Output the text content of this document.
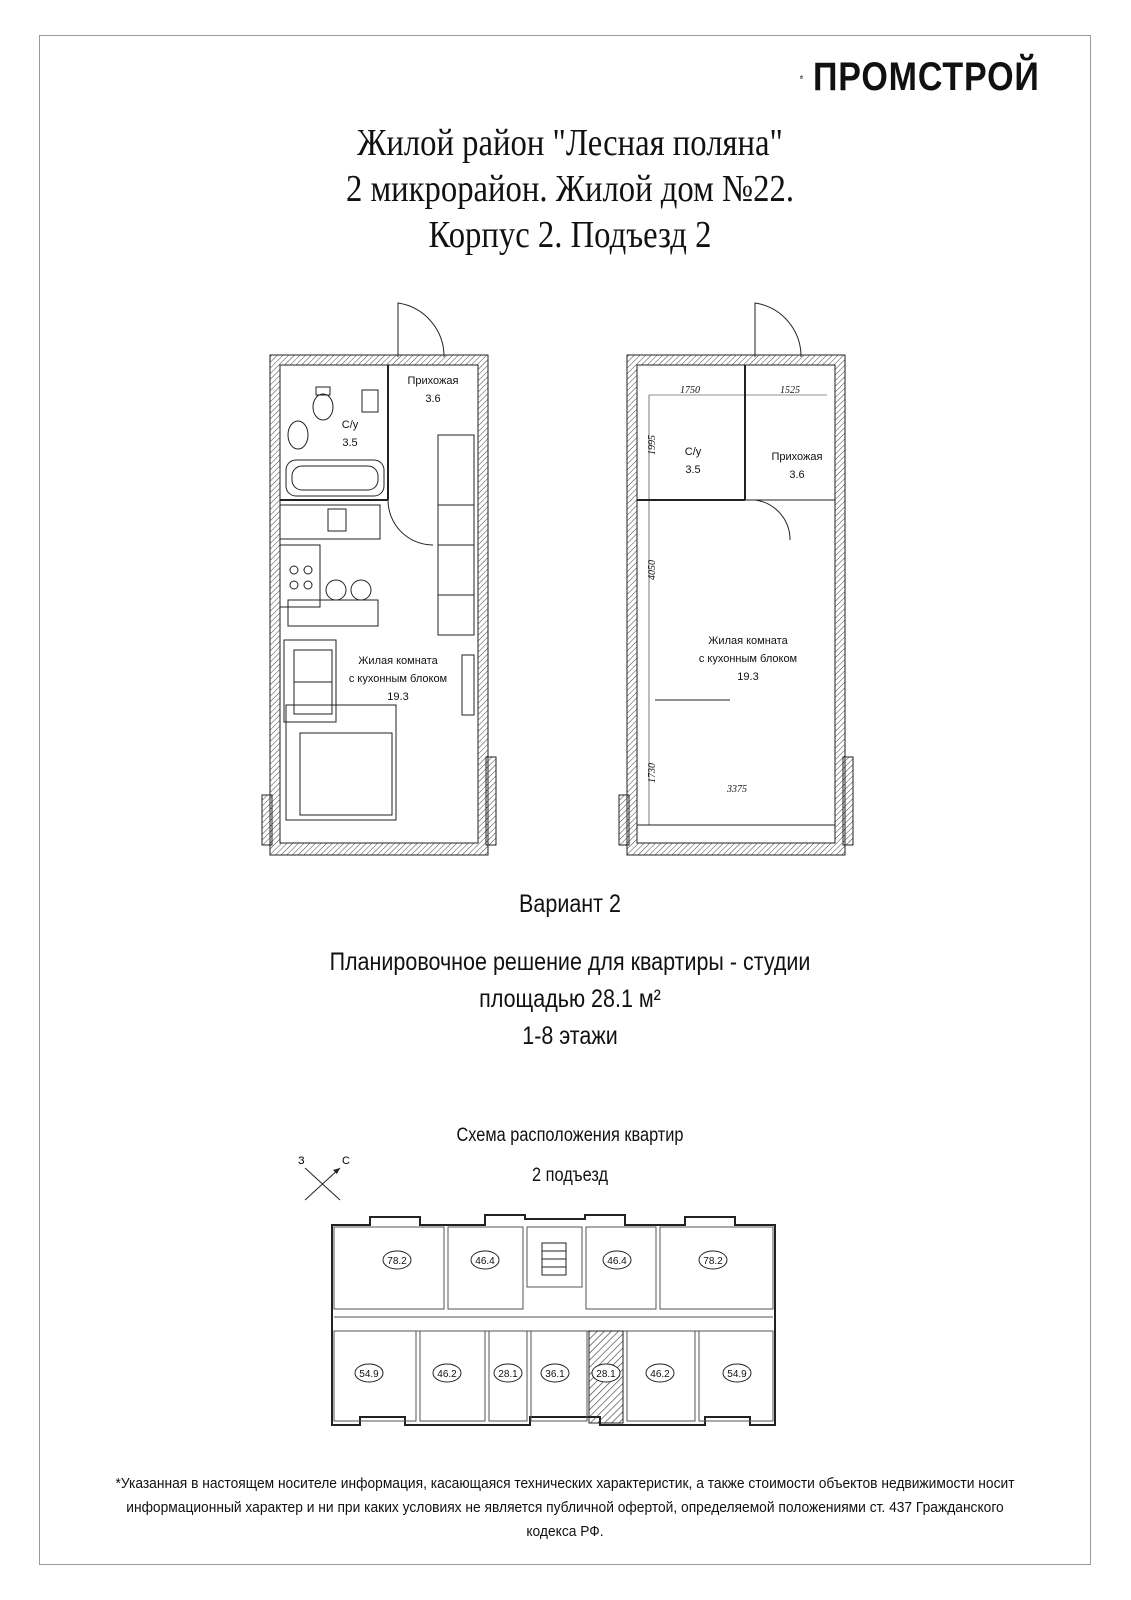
ПРОМСТРОЙ
Жилой район "Лесная поляна"
2 микрорайон. Жилой дом №22.
Корпус 2. Подъезд 2
Прихожая
3.6
С/у
3.5
Жилая комната
с кухонным блоком
19.3
1750	1525
1995
4050
1730
3375
С/у
3.5
Прихожая
3.6
Жилая комната
с кухонным блоком
19.3
Вариант 2
Планировочное решение для квартиры - студии
площадью 28.1 м²
1-8 этажи
Схема расположения квартир
2 подъезд
З	С
78.2	46.4	46.4	78.2
54.9	46.2	28.1	36.1	28.1	46.2	54.9
*Указанная в настоящем носителе информация, касающаяся технических характеристик, а также стоимости объектов недвижимости носит
информационный характер и ни при каких условиях не является публичной офертой, определяемой положениями ст. 437 Гражданского кодекса РФ.
